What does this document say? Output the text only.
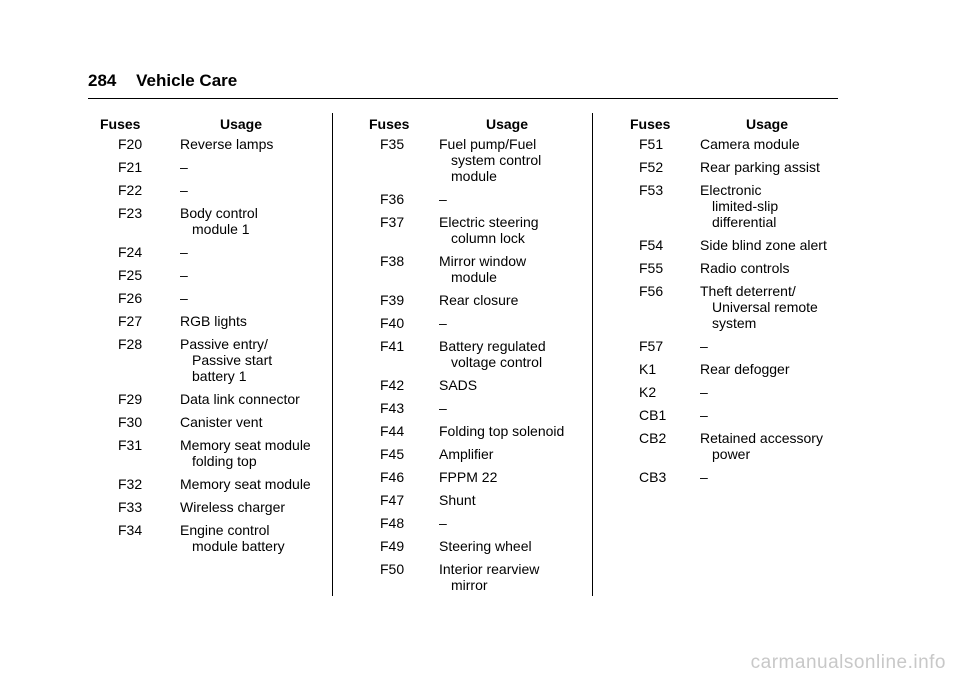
284 Vehicle Care
Fuses	Usage
F20	Reverse lamps
F21	–
F22	–
F23	Body control
module 1
F24	–
F25	–
F26	–
F27	RGB lights
F28	Passive entry/
Passive start
battery 1
F29	Data link connector
F30	Canister vent
F31	Memory seat module
folding top
F32	Memory seat module
F33	Wireless charger
F34	Engine control
module battery
Fuses	Usage
F35 Fuel pump/Fuel
system control
module
F36 –
F37 Electric steering
column lock
F38 Mirror window
module
F39 Rear closure
F40 –
F41 Battery regulated
voltage control
F42 SADS
F43 –
F44 Folding top solenoid
F45 Amplifier
F46 FPPM 22
F47 Shunt
F48 –
F49 Steering wheel
F50 Interior rearview
mirror
Fuses	Usage
F51	Camera module
F52	Rear parking assist
F53	Electronic
limited-slip
differential
F54	Side blind zone alert
F55	Radio controls
F56	Theft deterrent/
Universal remote
system
F57	–
K1	Rear defogger
K2	–
CB1 –
CB2 Retained accessory
power
CB3 –
carmanualsonline.info
